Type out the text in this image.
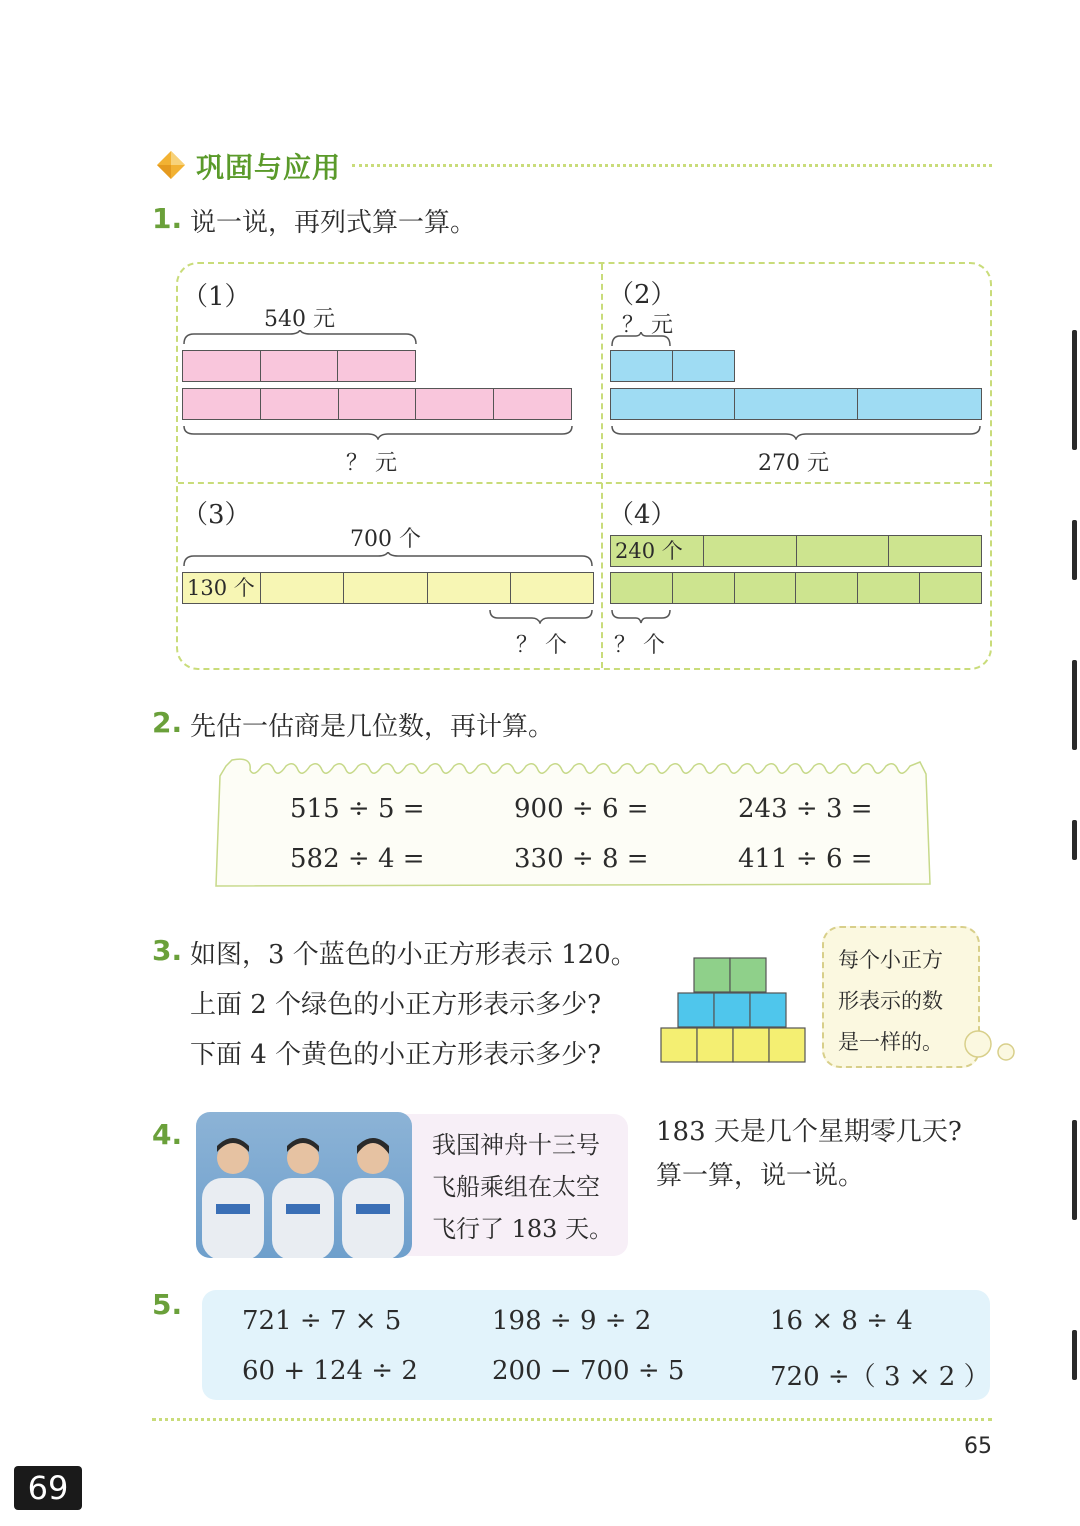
巩固与应用
1. 说一说，再列式算一算。
（1）
540 元
？ 元
（2）
？ 元
270 元
（3）
700 个
130 个
？ 个
（4）
240 个
？ 个
2. 先估一估商是几位数，再计算。
515 ÷ 5 =	900 ÷ 6 =	243 ÷ 3 =
582 ÷ 4 =	330 ÷ 8 =	411 ÷ 6 =
3. 如图，3 个蓝色的小正方形表示 120。
上面 2 个绿色的小正方形表示多少?
下面 4 个黄色的小正方形表示多少?
每个小正方
形表示的数
是一样的。
4.	我国神舟十三号
飞船乘组在太空
飞行了 183 天。
183 天是几个星期零几天?
算一算，说一说。
5. 721 ÷ 7 × 5	198 ÷ 9 ÷ 2	16 × 8 ÷ 4
60 + 124 ÷ 2	200 − 700 ÷ 5	720 ÷（ 3 × 2 ）
65
69
